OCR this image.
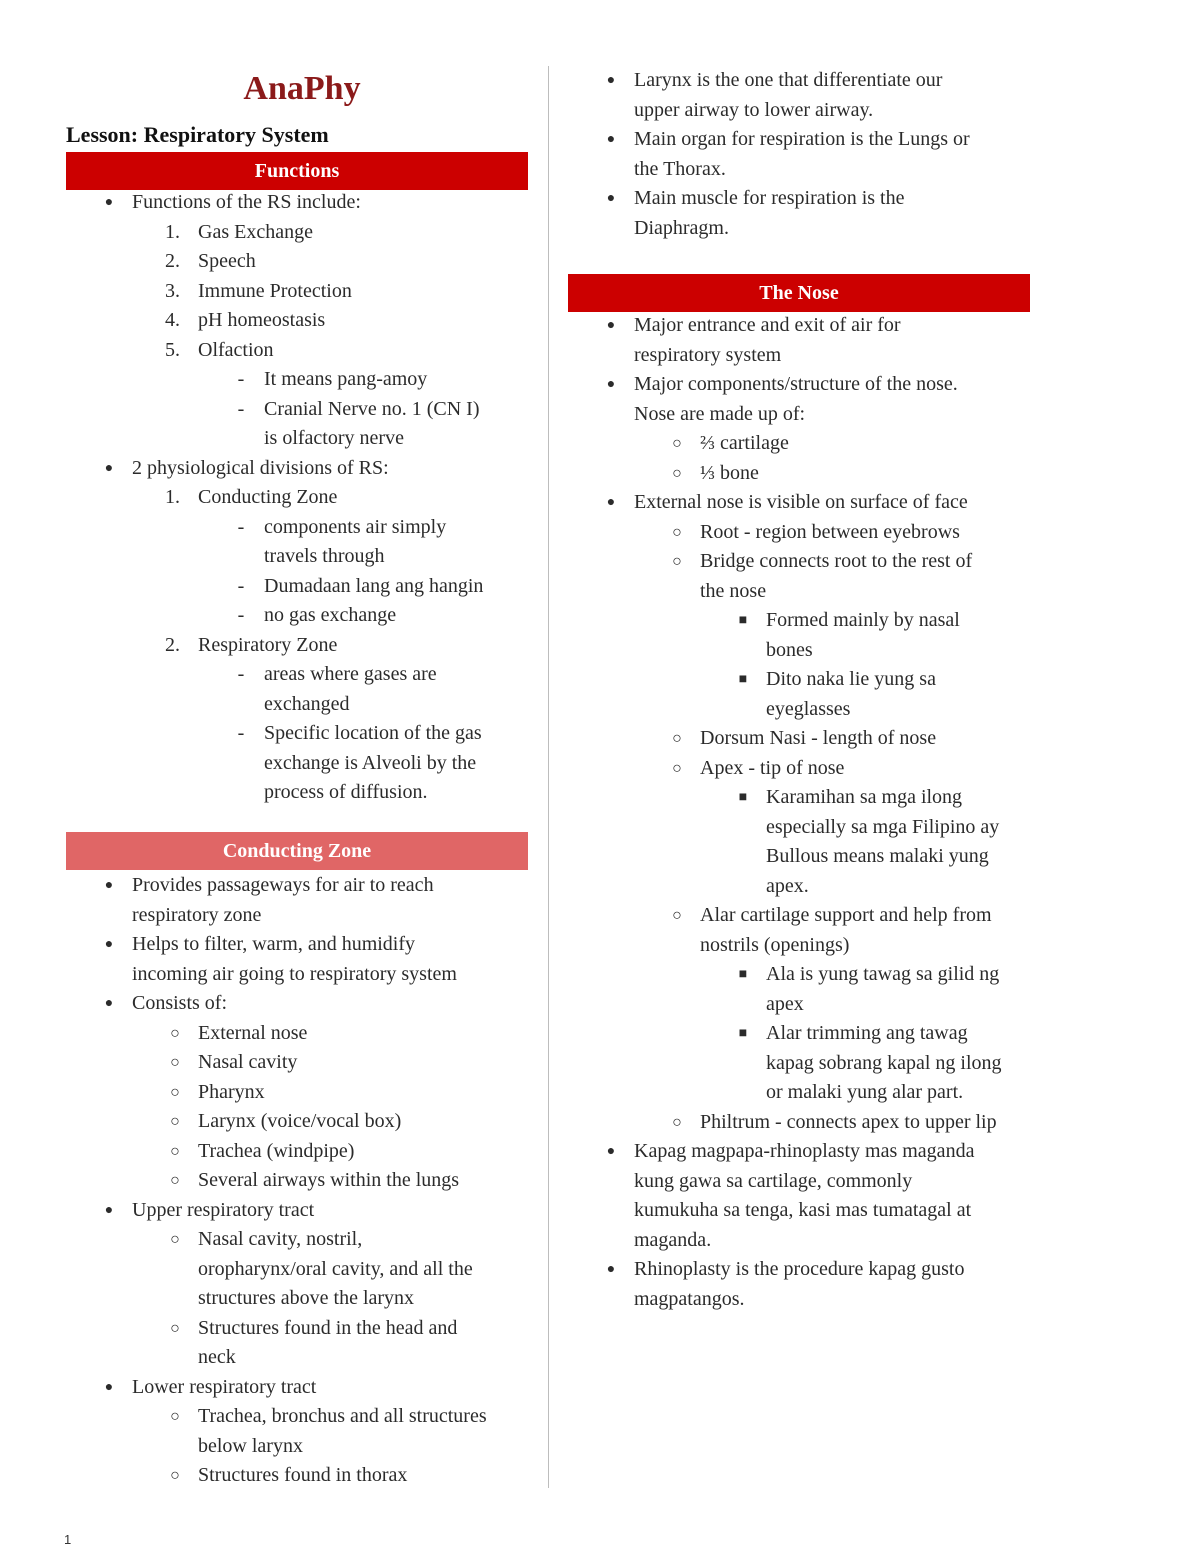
AnaPhy

Lesson: Respiratory System

Functions
● Functions of the RS include:
1. Gas Exchange
2. Speech
3. Immune Protection
4. pH homeostasis
5. Olfaction
- It means pang-amoy
- Cranial Nerve no. 1 (CN I)
is olfactory nerve
● 2 physiological divisions of RS:
1. Conducting Zone
- components air simply
travels through
- Dumadaan lang ang hangin
- no gas exchange
2. Respiratory Zone
- areas where gases are
exchanged
- Specific location of the gas
exchange is Alveoli by the
process of diffusion.
Conducting Zone
● Provides passageways for air to reach
respiratory zone
● Helps to filter, warm, and humidify
incoming air going to respiratory system
● Consists of:
○ External nose
○ Nasal cavity
○ Pharynx
○ Larynx (voice/vocal box)
○ Trachea (windpipe)
○ Several airways within the lungs
● Upper respiratory tract
○ Nasal cavity, nostril,
oropharynx/oral cavity, and all the
structures above the larynx
○ Structures found in the head and
neck
● Lower respiratory tract
○ Trachea, bronchus and all structures
below larynx
○ Structures found in thorax
● Larynx is the one that differentiate our
upper airway to lower airway.
● Main organ for respiration is the Lungs or
the Thorax.
● Main muscle for respiration is the
Diaphragm.
The Nose
● Major entrance and exit of air for
respiratory system
● Major components/structure of the nose.
Nose are made up of:
○ ⅔ cartilage
○ ⅓ bone
● External nose is visible on surface of face
○ Root - region between eyebrows
○ Bridge connects root to the rest of
the nose
■ Formed mainly by nasal
bones
■ Dito naka lie yung sa
eyeglasses
○ Dorsum Nasi - length of nose
○ Apex - tip of nose
■ Karamihan sa mga ilong
especially sa mga Filipino ay
Bullous means malaki yung
apex.
○ Alar cartilage support and help from
nostrils (openings)
■ Ala is yung tawag sa gilid ng
apex
■ Alar trimming ang tawag
kapag sobrang kapal ng ilong
or malaki yung alar part.
○ Philtrum - connects apex to upper lip
● Kapag magpapa-rhinoplasty mas maganda
kung gawa sa cartilage, commonly
kumukuha sa tenga, kasi mas tumatagal at
maganda.
● Rhinoplasty is the procedure kapag gusto
magpatangos.
1
